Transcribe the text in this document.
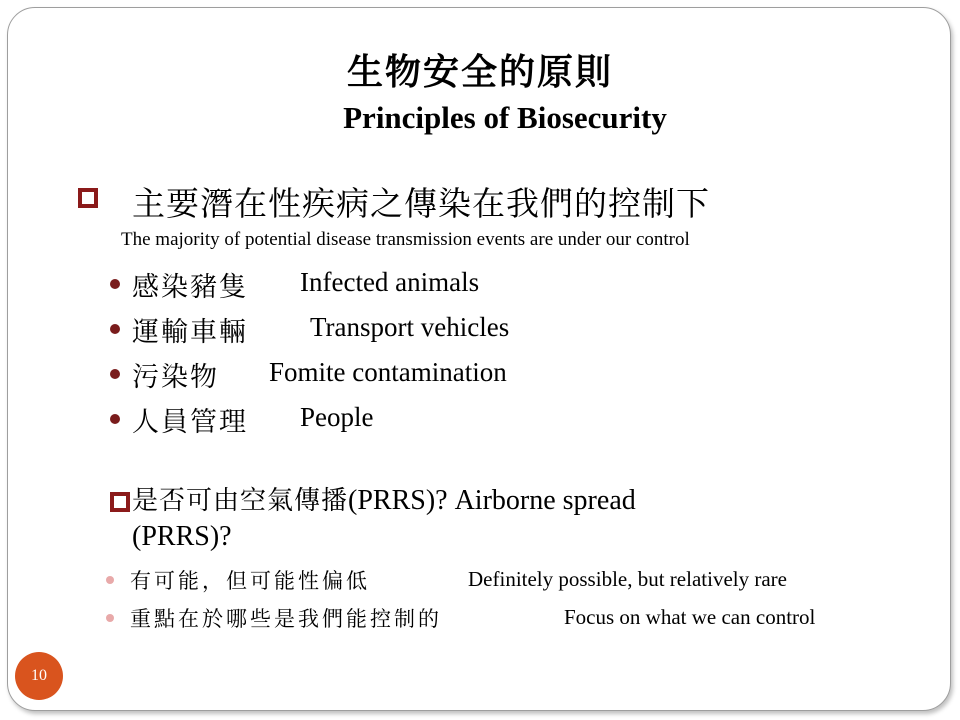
生物安全的原則
Principles of Biosecurity
主要潛在性疾病之傳染在我們的控制下
The majority of potential disease transmission events are under our control
感染豬隻 Infected animals
運輸車輛 Transport vehicles
污染物 Fomite contamination
人員管理 People
是否可由空氣傳播(PRRS)? Airborne spread
(PRRS)?
有可能，但可能性偏低	Definitely possible, but relatively rare
重點在於哪些是我們能控制的	Focus on what we can control
10
